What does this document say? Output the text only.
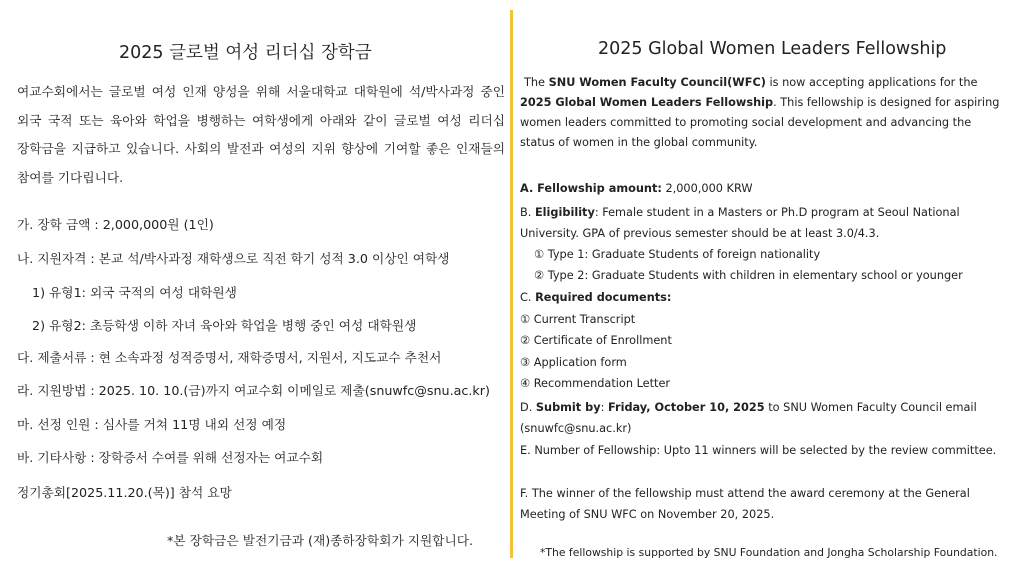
2025 글로벌 여성 리더십 장학금
여교수회에서는 글로벌 여성 인재 양성을 위해 서울대학교 대학원에 석/박사과정 중인 외국 국적 또는 육아와 학업을 병행하는 여학생에게 아래와 같이 글로벌 여성 리더십 장학금을 지급하고 있습니다. 사회의 발전과 여성의 지위 향상에 기여할 좋은 인재들의 참여를 기다립니다.
가. 장학 금액 : 2,000,000원 (1인)
나. 지원자격 : 본교 석/박사과정 재학생으로 직전 학기 성적 3.0 이상인 여학생
1) 유형1: 외국 국적의 여성 대학원생
2) 유형2: 초등학생 이하 자녀 육아와 학업을 병행 중인 여성 대학원생
다. 제출서류 : 현 소속과정 성적증명서, 재학증명서, 지원서, 지도교수 추천서
라. 지원방법 : 2025. 10. 10.(금)까지 여교수회 이메일로 제출(snuwfc@snu.ac.kr)
마. 선정 인원 : 심사를 거쳐 11명 내외 선정 예정
바. 기타사항 : 장학증서 수여를 위해 선정자는 여교수회
정기총회[2025.11.20.(목)] 참석 요망
*본 장학금은 발전기금과 (재)종하장학회가 지원합니다.
2025 Global Women Leaders Fellowship
The SNU Women Faculty Council(WFC) is now accepting applications for the 2025 Global Women Leaders Fellowship. This fellowship is designed for aspiring women leaders committed to promoting social development and advancing the status of women in the global community.
A. Fellowship amount: 2,000,000 KRW
B. Eligibility: Female student in a Masters or Ph.D program at Seoul National University. GPA of previous semester should be at least 3.0/4.3.
① Type 1: Graduate Students of foreign nationality
② Type 2: Graduate Students with children in elementary school or younger
C. Required documents:
① Current Transcript
② Certificate of Enrollment
③ Application form
④ Recommendation Letter
D. Submit by: Friday, October 10, 2025 to SNU Women Faculty Council email (snuwfc@snu.ac.kr)
E. Number of Fellowship: Upto 11 winners will be selected by the review committee.
F. The winner of the fellowship must attend the award ceremony at the General Meeting of SNU WFC on November 20, 2025.
*The fellowship is supported by SNU Foundation and Jongha Scholarship Foundation.
